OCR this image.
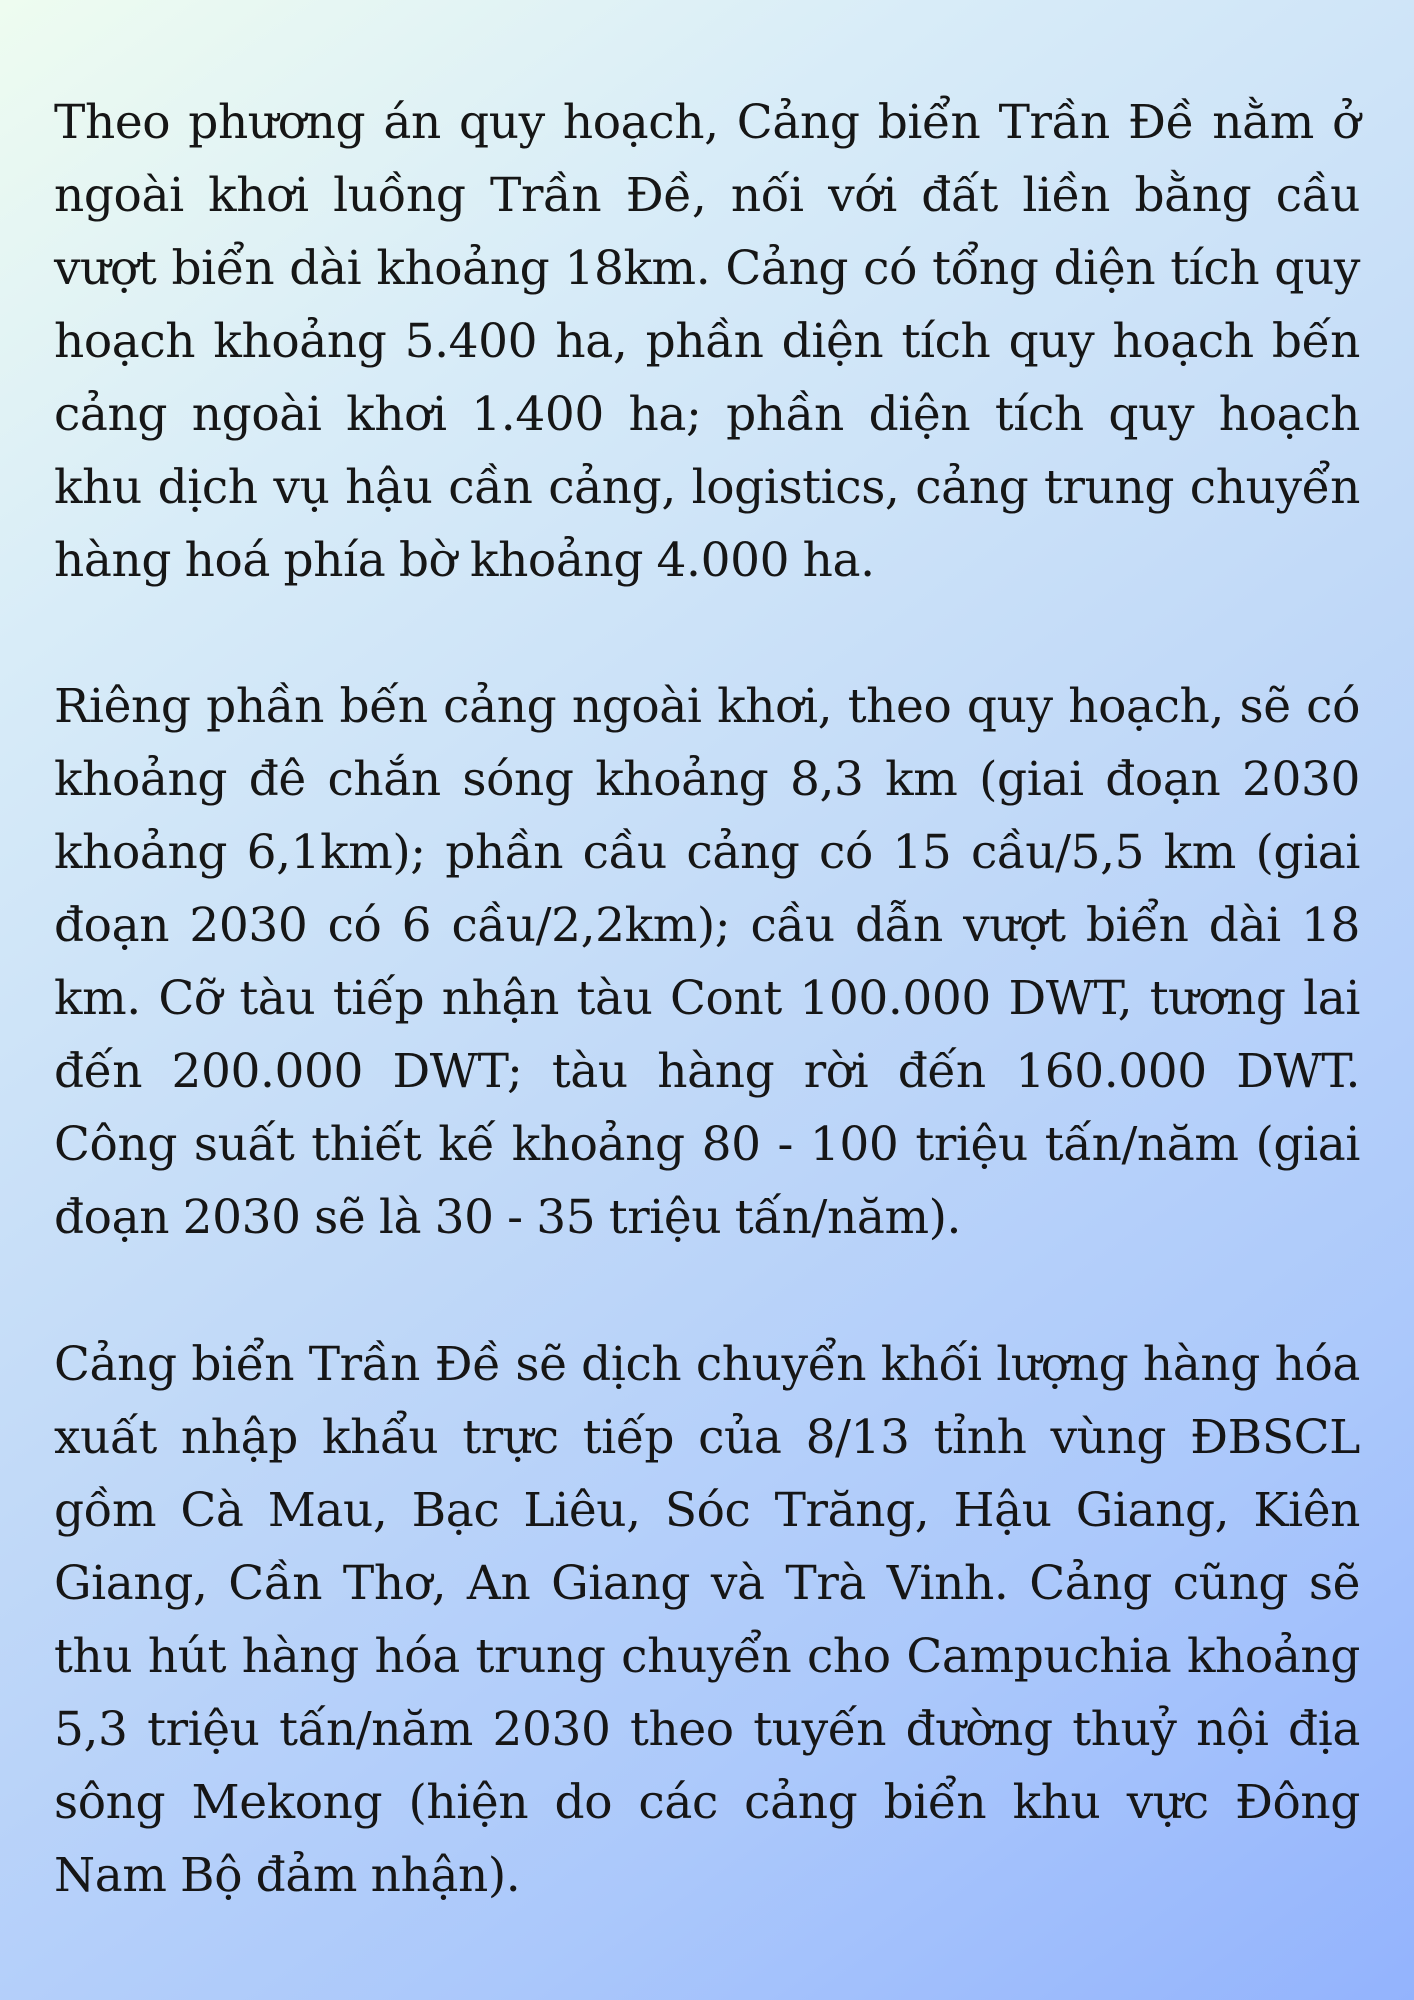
Theo phương án quy hoạch, Cảng biển Trần Đề nằm ở ngoài khơi luồng Trần Đề, nối với đất liền bằng cầu vượt biển dài khoảng 18km. Cảng có tổng diện tích quy hoạch khoảng 5.400 ha, phần diện tích quy hoạch bến cảng ngoài khơi 1.400 ha; phần diện tích quy hoạch khu dịch vụ hậu cần cảng, logistics, cảng trung chuyển hàng hoá phía bờ khoảng 4.000 ha.

Riêng phần bến cảng ngoài khơi, theo quy hoạch, sẽ có khoảng đê chắn sóng khoảng 8,3 km (giai đoạn 2030 khoảng 6,1km); phần cầu cảng có 15 cầu/5,5 km (giai đoạn 2030 có 6 cầu/2,2km); cầu dẫn vượt biển dài 18 km. Cỡ tàu tiếp nhận tàu Cont 100.000 DWT, tương lai đến 200.000 DWT; tàu hàng rời đến 160.000 DWT. Công suất thiết kế khoảng 80 - 100 triệu tấn/năm (giai đoạn 2030 sẽ là 30 - 35 triệu tấn/năm).

Cảng biển Trần Đề sẽ dịch chuyển khối lượng hàng hóa xuất nhập khẩu trực tiếp của 8/13 tỉnh vùng ĐBSCL gồm Cà Mau, Bạc Liêu, Sóc Trăng, Hậu Giang, Kiên Giang, Cần Thơ, An Giang và Trà Vinh. Cảng cũng sẽ thu hút hàng hóa trung chuyển cho Campuchia khoảng 5,3 triệu tấn/năm 2030 theo tuyến đường thuỷ nội địa sông Mekong (hiện do các cảng biển khu vực Đông Nam Bộ đảm nhận).
